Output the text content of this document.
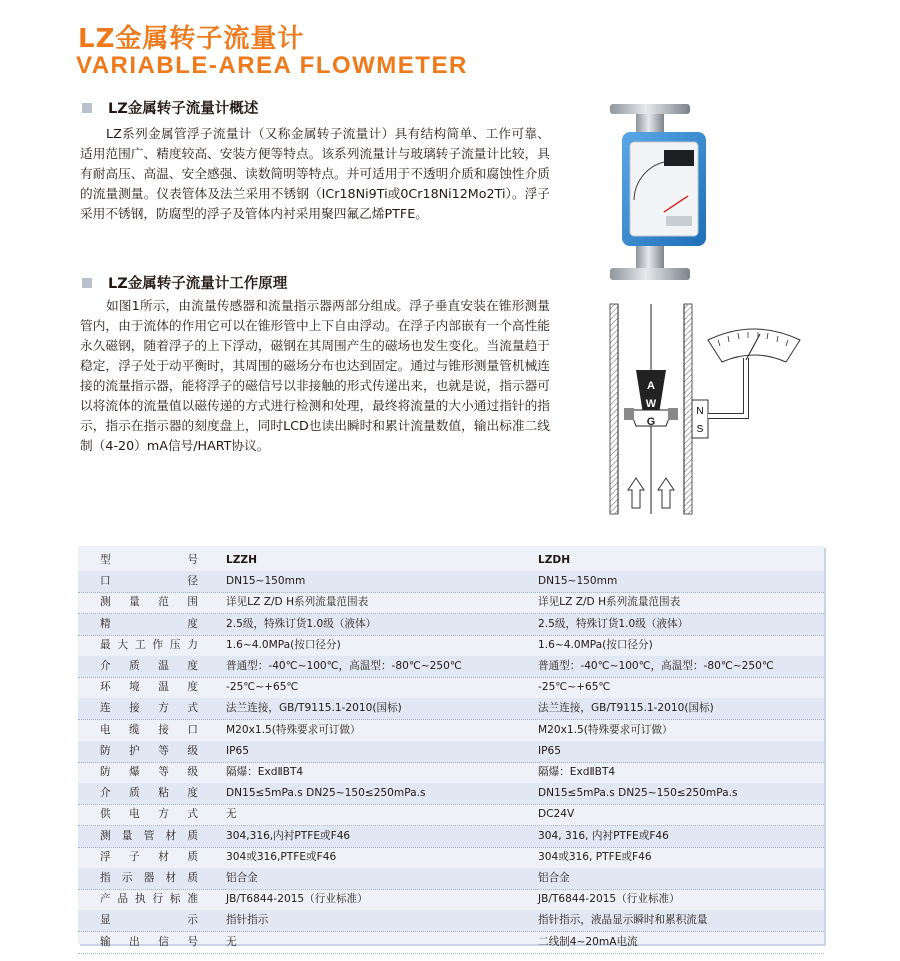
LZ金属转子流量计
VARIABLE-AREA FLOWMETER
LZ金属转子流量计概述
LZ系列金属管浮子流量计（又称金属转子流量计）具有结构简单、工作可靠、适用范围广、精度较高、安装方便等特点。该系列流量计与玻璃转子流量计比较，具有耐高压、高温、安全感强、读数简明等特点。并可适用于不透明介质和腐蚀性介质的流量测量。仪表管体及法兰采用不锈钢（ICr18Ni9Ti或0Cr18Ni12Mo2Ti）。浮子采用不锈钢，防腐型的浮子及管体内衬采用聚四氟乙烯PTFE。
LZ金属转子流量计工作原理
如图1所示，由流量传感器和流量指示器两部分组成。浮子垂直安装在锥形测量管内，由于流体的作用它可以在锥形管中上下自由浮动。在浮子内部嵌有一个高性能永久磁钢，随着浮子的上下浮动，磁钢在其周围产生的磁场也发生变化。当流量趋于稳定，浮子处于动平衡时，其周围的磁场分布也达到固定。通过与锥形测量管机械连接的流量指示器，能将浮子的磁信号以非接触的形式传递出来，也就是说，指示器可以将流体的流量值以磁传递的方式进行检测和处理，最终将流量的大小通过指针的指示，指示在指示器的刻度盘上，同时LCD也读出瞬时和累计流量数值，输出标准二线制（4-20）mA信号/HART协议。
A
W
G
N
S
型号	LZZH	LZDH
口径	DN15~150mm	DN15~150mm
测量范围	详见LZ Z/D H系列流量范围表	详见LZ Z/D H系列流量范围表
精度	2.5级，特殊订货1.0级（液体）	2.5级，特殊订货1.0级（液体）
最大工作压力	1.6~4.0MPa(按口径分)	1.6~4.0MPa(按口径分)
介质温度	普通型：-40℃~100℃，高温型：-80℃~250℃	普通型：-40℃~100℃，高温型：-80℃~250℃
环境温度	-25℃~+65℃	-25℃~+65℃
连接方式	法兰连接，GB/T9115.1-2010(国标)	法兰连接，GB/T9115.1-2010(国标)
电缆接口	M20x1.5(特殊要求可订做）	M20x1.5(特殊要求可订做）
防护等级	IP65	IP65
防爆等级	隔爆：ExdⅡBT4	隔爆：ExdⅡBT4
介质粘度	DN15≤5mPa.s DN25~150≤250mPa.s	DN15≤5mPa.s DN25~150≤250mPa.s
供电方式	无	DC24V
测量管材质	304,316,内衬PTFE或F46	304, 316, 内衬PTFE或F46
浮子材质	304或316,PTFE或F46	304或316, PTFE或F46
指示器材质	铝合金	铝合金
产品执行标准	JB/T6844-2015（行业标准）	JB/T6844-2015（行业标准）
显示	指针指示	指针指示，液晶显示瞬时和累积流量
输出信号	无	二线制4~20mA电流
